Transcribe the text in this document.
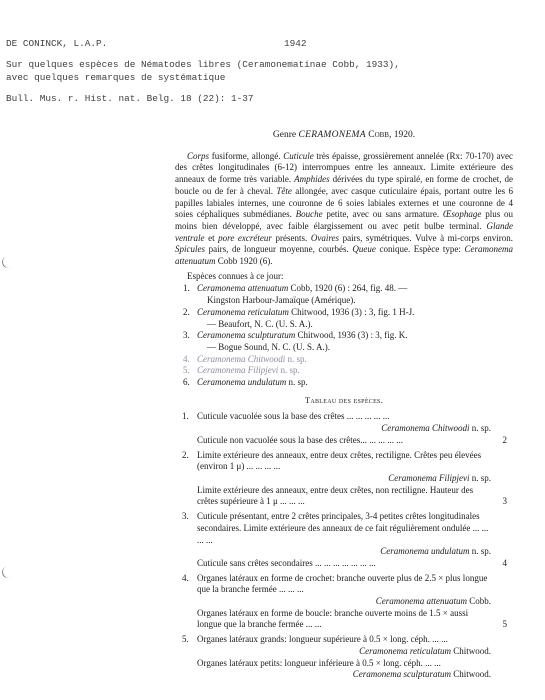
DE CONINCK, L.A.P.	1942
Sur quelques espèces de Nématodes libres (Ceramonematinae Cobb, 1933),
avec quelques remarques de systématique
Bull. Mus. r. Hist. nat. Belg. 18 (22): 1-37
Genre CERAMONEMA Cobb, 1920.

Corps fusiforme, allongé. Cuticule très épaisse, grossièrement annelée (Rx: 70-170) avec des crêtes longitudinales (6-12) interrompues entre les anneaux. Limite extérieure des anneaux de forme très variable. Amphides dérivées du type spiralé, en forme de crochet, de boucle ou de fer à cheval. Tête allongée, avec casque cuticulaire épais, portant outre les 6 papilles labiales internes, une couronne de 6 soies labiales externes et une couronne de 4 soies céphaliques submédianes. Bouche petite, avec ou sans armature. Œsophage plus ou moins bien développé, avec faible élargissement ou avec petit bulbe terminal. Glande ventrale et pore excréteur présents. Ovaires pairs, symétriques. Vulve à mi-corps environ. Spicules pairs, de longueur moyenne, courbés. Queue conique. Espèce type: Ceramonema attenuatum Cobb 1920 (6).

Espèces connues à ce jour:
1. Ceramonema attenuatum Cobb, 1920 (6) : 264, fig. 48. —
Kingston Harbour-Jamaïque (Amérique).
2. Ceramonema reticulatum Chitwood, 1936 (3) : 3, fig. 1 H-J.
— Beaufort, N. C. (U. S. A.).
3. Ceramonema sculpturatum Chitwood, 1936 (3) : 3, fig. K.
— Bogue Sound, N. C. (U. S. A.).
4. Ceramonema Chitwoodi n. sp.
5. Ceramonema Filipjevi n. sp.
6. Ceramonema undulatum n. sp.
Tableau des espèces.
1. Cuticule vacuolée sous la base des crêtes ... ... ... ... ...
Ceramonema Chitwoodi n. sp.
Cuticule non vacuolée sous la base des crêtes... ... ... ... ...	2
2. Limite extérieure des anneaux, entre deux crêtes, rectiligne. Crêtes peu élevées (environ 1 μ) ... ... ... ...
Ceramonema Filipjevi n. sp.
Limite extérieure des anneaux, entre deux crêtes, non rectiligne. Hauteur des crêtes supérieure à 1 μ ... ... ...	3
3. Cuticule présentant, entre 2 crêtes principales, 3-4 petites crêtes longitudinales secondaires. Limite extérieure des anneaux de ce fait régulièrement ondulée ... ... ... ...
Ceramonema undulatum n. sp.
Cuticule sans crêtes secondaires ... ... ... ... ... ... ...	4
4. Organes latéraux en forme de crochet: branche ouverte plus de 2.5 × plus longue que la branche fermée ... ... ...
Ceramonema attenuatum Cobb.
Organes latéraux en forme de boucle: branche ouverte moins de 1.5 × aussi longue que la branche fermée ... ...	5
5. Organes latéraux grands: longueur supérieure à 0.5 × long. céph. ... ...
Ceramonema reticulatum Chitwood.
Organes latéraux petits: longueur inférieure à 0.5 × long. céph. ... ...
Ceramonema sculpturatum Chitwood.
